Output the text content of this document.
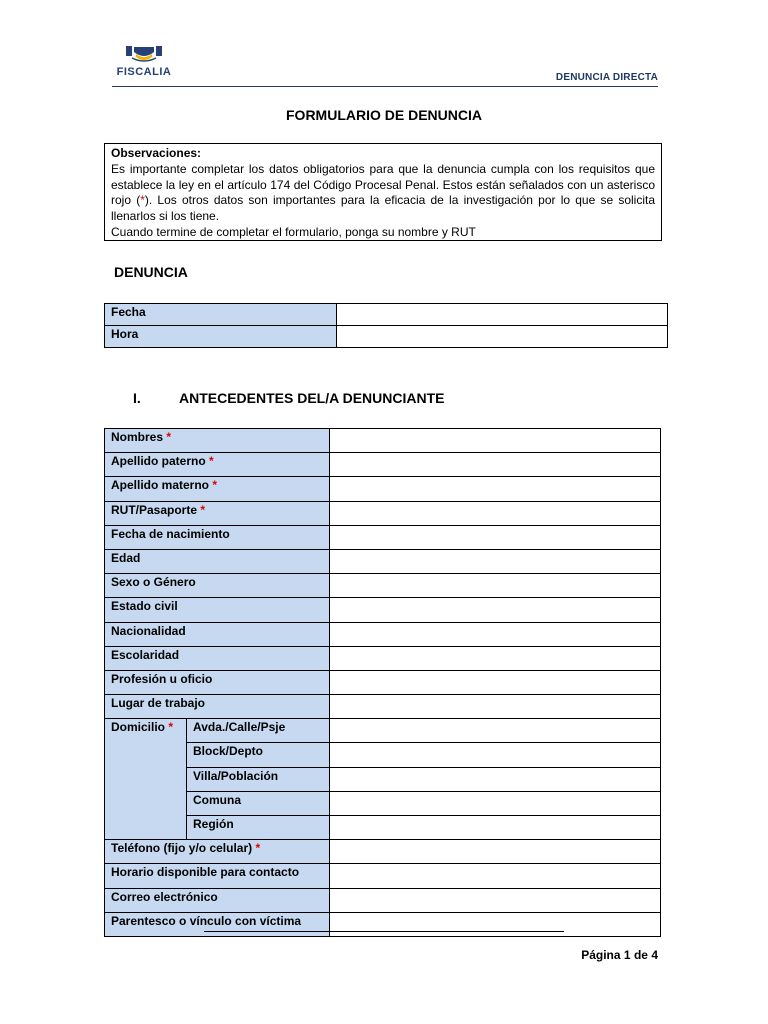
FISCALIA	DENUNCIA DIRECTA
FORMULARIO DE DENUNCIA
Observaciones:
Es importante completar los datos obligatorios para que la denuncia cumpla con los requisitos que establece la ley en el artículo 174 del Código Procesal Penal. Estos están señalados con un asterisco rojo (*). Los otros datos son importantes para la eficacia de la investigación por lo que se solicita llenarlos si los tiene.
Cuando termine de completar el formulario, ponga su nombre y RUT
DENUNCIA
Fecha	
Hora	
I.	ANTECEDENTES DEL/A DENUNCIANTE
Nombres *		
Apellido paterno *		
Apellido materno *		
RUT/Pasaporte *		
Fecha de nacimiento		
Edad		
Sexo o Género		
Estado civil		
Nacionalidad		
Escolaridad		
Profesión u oficio		
Lugar de trabajo		
Domicilio *	Avda./Calle/Psje	
	Block/Depto	
	Villa/Población	
	Comuna	
	Región	
Teléfono (fijo y/o celular) *		
Horario disponible para contacto		
Correo electrónico		
Parentesco o vínculo con víctima		
Página 1 de 4
